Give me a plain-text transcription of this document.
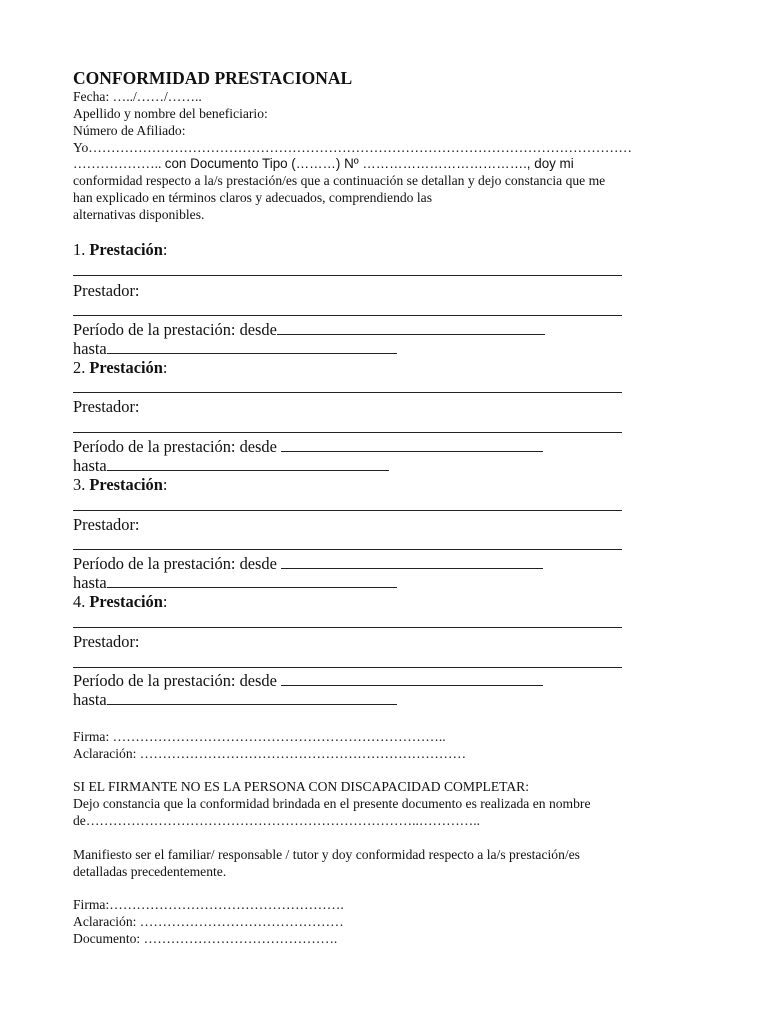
CONFORMIDAD PRESTACIONAL
Fecha: …../……/……..
Apellido y nombre del beneficiario:
Número de Afiliado:
Yo…………………………………………………………………………………………………………
……………….. con Documento Tipo (………) Nº ………………………………., doy mi
conformidad respecto a la/s prestación/es que a continuación se detallan y dejo constancia que me
han explicado en términos claros y adecuados, comprendiendo las
alternativas disponibles.
1. Prestación:
Prestador:
Período de la prestación: desde
hasta
2. Prestación:
Prestador:
Período de la prestación: desde
hasta
3. Prestación:
Prestador:
Período de la prestación: desde
hasta
4. Prestación:
Prestador:
Período de la prestación: desde
hasta
Firma: ………………………………………………………………..
Aclaración: ………………………………………………………………
SI EL FIRMANTE NO ES LA PERSONA CON DISCAPACIDAD COMPLETAR:
Dejo constancia que la conformidad brindada en el presente documento es realizada en nombre
de………………………………………………………………..…………..
Manifiesto ser el familiar/ responsable / tutor y doy conformidad respecto a la/s prestación/es
detalladas precedentemente.
Firma:…………………………………………….
Aclaración: ………………………………………
Documento: …………………………………….
